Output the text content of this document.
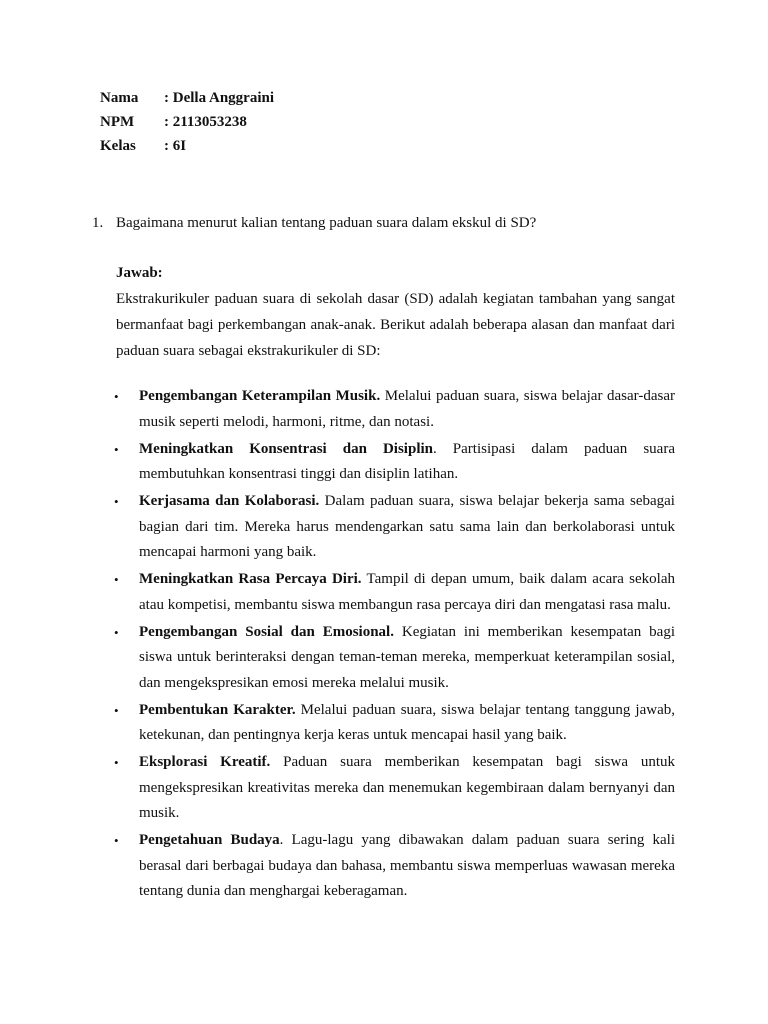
Nama	: Della Anggraini
NPM	: 2113053238
Kelas	: 6I
1. Bagaimana menurut kalian tentang paduan suara dalam ekskul di SD?
Jawab:

Ekstrakurikuler paduan suara di sekolah dasar (SD) adalah kegiatan tambahan yang sangat bermanfaat bagi perkembangan anak-anak. Berikut adalah beberapa alasan dan manfaat dari paduan suara sebagai ekstrakurikuler di SD:

•	Pengembangan Keterampilan Musik. Melalui paduan suara, siswa belajar dasar-dasar musik seperti melodi, harmoni, ritme, dan notasi.
•	Meningkatkan Konsentrasi dan Disiplin. Partisipasi dalam paduan suara membutuhkan konsentrasi tinggi dan disiplin latihan.
•	Kerjasama dan Kolaborasi. Dalam paduan suara, siswa belajar bekerja sama sebagai bagian dari tim. Mereka harus mendengarkan satu sama lain dan berkolaborasi untuk mencapai harmoni yang baik.
•	Meningkatkan Rasa Percaya Diri. Tampil di depan umum, baik dalam acara sekolah atau kompetisi, membantu siswa membangun rasa percaya diri dan mengatasi rasa malu.
•	Pengembangan Sosial dan Emosional. Kegiatan ini memberikan kesempatan bagi siswa untuk berinteraksi dengan teman-teman mereka, memperkuat keterampilan sosial, dan mengekspresikan emosi mereka melalui musik.
•	Pembentukan Karakter. Melalui paduan suara, siswa belajar tentang tanggung jawab, ketekunan, dan pentingnya kerja keras untuk mencapai hasil yang baik.
•	Eksplorasi Kreatif. Paduan suara memberikan kesempatan bagi siswa untuk mengekspresikan kreativitas mereka dan menemukan kegembiraan dalam bernyanyi dan musik.
•	Pengetahuan Budaya. Lagu-lagu yang dibawakan dalam paduan suara sering kali berasal dari berbagai budaya dan bahasa, membantu siswa memperluas wawasan mereka tentang dunia dan menghargai keberagaman.
